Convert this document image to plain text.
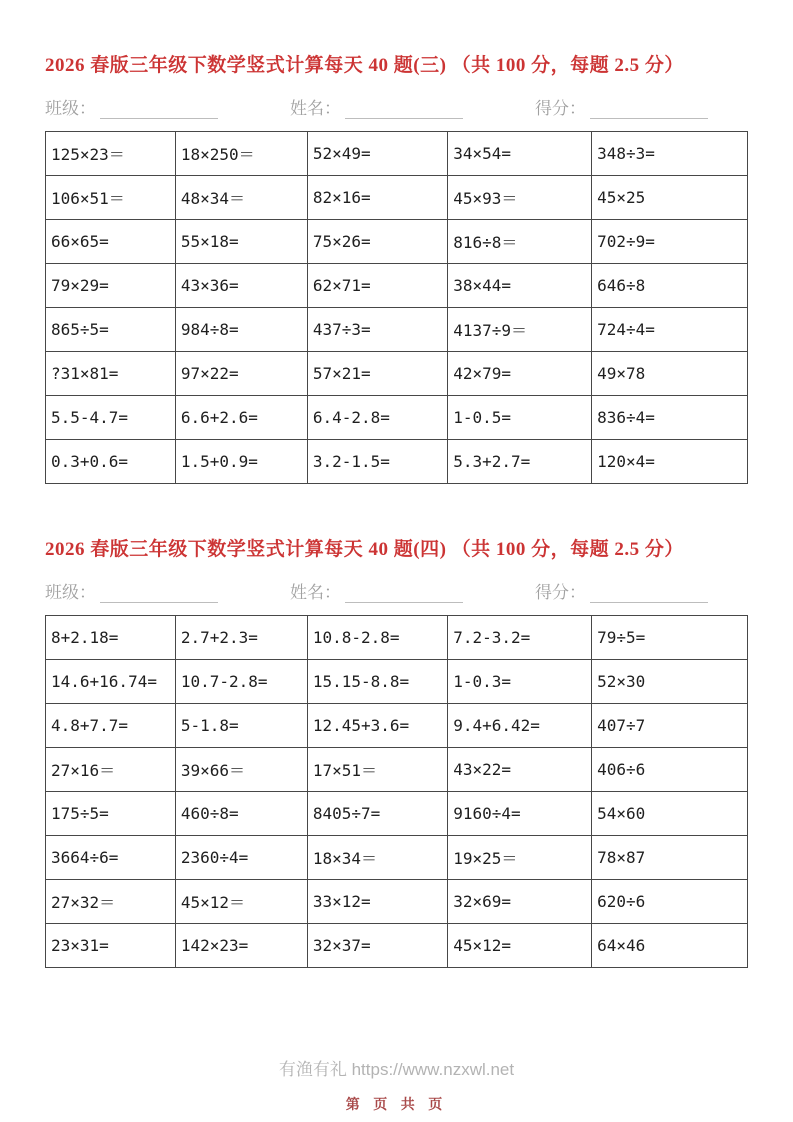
2026 春版三年级下数学竖式计算每天 40 题(三) （共 100 分，每题 2.5 分）
班级：	姓名：	得分：
125×23＝	18×250＝	52×49=	34×54=	348÷3=
106×51＝	48×34＝	82×16=	45×93＝	45×25
66×65=	55×18=	75×26=	816÷8＝	702÷9=
79×29=	43×36=	62×71=	38×44=	646÷8
865÷5=	984÷8=	437÷3=	4137÷9＝	724÷4=
?31×81=	97×22=	57×21=	42×79=	49×78
5.5-4.7=	6.6+2.6=	6.4-2.8=	1-0.5=	836÷4=
0.3+0.6=	1.5+0.9=	3.2-1.5=	5.3+2.7=	120×4=
2026 春版三年级下数学竖式计算每天 40 题(四) （共 100 分，每题 2.5 分）
班级：	姓名：	得分：
8+2.18=	2.7+2.3=	10.8-2.8=	7.2-3.2=	79÷5=
14.6+16.74=	10.7-2.8=	15.15-8.8=	1-0.3=	52×30
4.8+7.7=	5-1.8=	12.45+3.6=	9.4+6.42=	407÷7
27×16＝	39×66＝	17×51＝	43×22=	406÷6
175÷5=	460÷8=	8405÷7=	9160÷4=	54×60
3664÷6=	2360÷4=	18×34＝	19×25＝	78×87
27×32＝	45×12＝	33×12=	32×69=	620÷6
23×31=	142×23=	32×37=	45×12=	64×46
有渔有礼 https://www.nzxwl.net
第 页 共 页
